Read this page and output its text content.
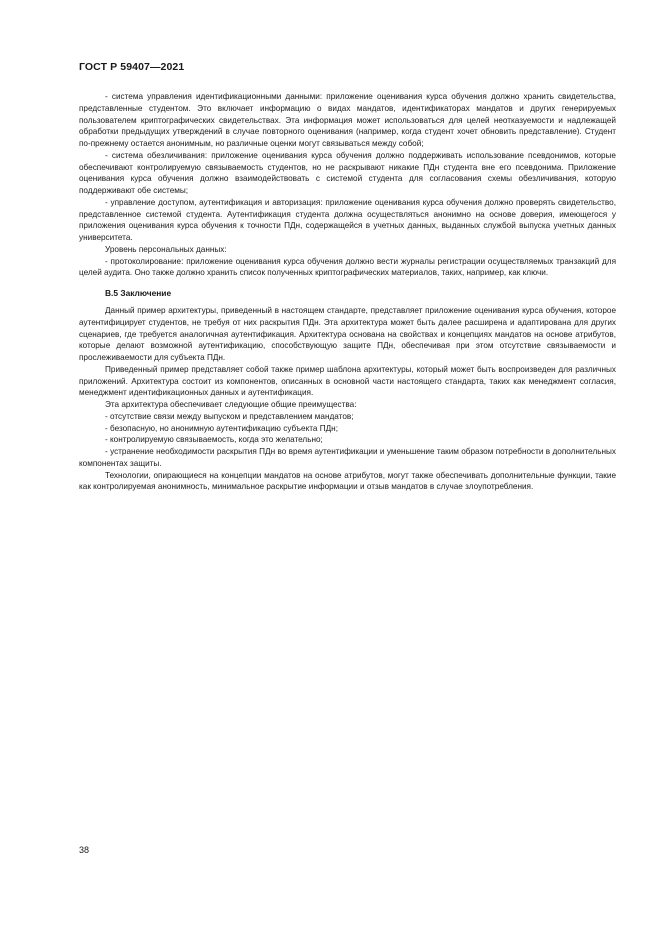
ГОСТ Р 59407—2021

- система управления идентификационными данными: приложение оценивания курса обучения должно хранить свидетельства, представленные студентом. Это включает информацию о видах мандатов, идентификаторах мандатов и других генерируемых пользователем криптографических свидетельствах. Эта информация может использоваться для целей неотказуемости и надлежащей обработки предыдущих утверждений в случае повторного оценивания (например, когда студент хочет обновить представление). Студент по-прежнему остается анонимным, но различные оценки могут связываться между собой;

- система обезличивания: приложение оценивания курса обучения должно поддерживать использование псевдонимов, которые обеспечивают контролируемую связываемость студентов, но не раскрывают никакие ПДн студента вне его псевдонима. Приложение оценивания курса обучения должно взаимодействовать с системой студента для согласования схемы обезличивания, которую поддерживают обе системы;

- управление доступом, аутентификация и авторизация: приложение оценивания курса обучения должно проверять свидетельство, представленное системой студента. Аутентификация студента должна осуществляться анонимно на основе доверия, имеющегося у приложения оценивания курса обучения к точности ПДн, содержащейся в учетных данных, выданных службой выпуска учетных данных университета.

Уровень персональных данных:

- протоколирование: приложение оценивания курса обучения должно вести журналы регистрации осуществляемых транзакций для целей аудита. Оно также должно хранить список полученных криптографических материалов, таких, например, как ключи.

В.5 Заключение

Данный пример архитектуры, приведенный в настоящем стандарте, представляет приложение оценивания курса обучения, которое аутентифицирует студентов, не требуя от них раскрытия ПДн. Эта архитектура может быть далее расширена и адаптирована для других сценариев, где требуется аналогичная аутентификация. Архитектура основана на свойствах и концепциях мандатов на основе атрибутов, которые делают возможной аутентификацию, способствующую защите ПДн, обеспечивая при этом отсутствие связываемости и прослеживаемости для субъекта ПДн.

Приведенный пример представляет собой также пример шаблона архитектуры, который может быть воспроизведен для различных приложений. Архитектура состоит из компонентов, описанных в основной части настоящего стандарта, таких как менеджмент согласия, менеджмент идентификационных данных и аутентификация.

Эта архитектура обеспечивает следующие общие преимущества:

- отсутствие связи между выпуском и представлением мандатов;

- безопасную, но анонимную аутентификацию субъекта ПДн;

- контролируемую связываемость, когда это желательно;

- устранение необходимости раскрытия ПДн во время аутентификации и уменьшение таким образом потребности в дополнительных компонентах защиты.

Технологии, опирающиеся на концепции мандатов на основе атрибутов, могут также обеспечивать дополнительные функции, такие как контролируемая анонимность, минимальное раскрытие информации и отзыв мандатов в случае злоупотребления.

38
